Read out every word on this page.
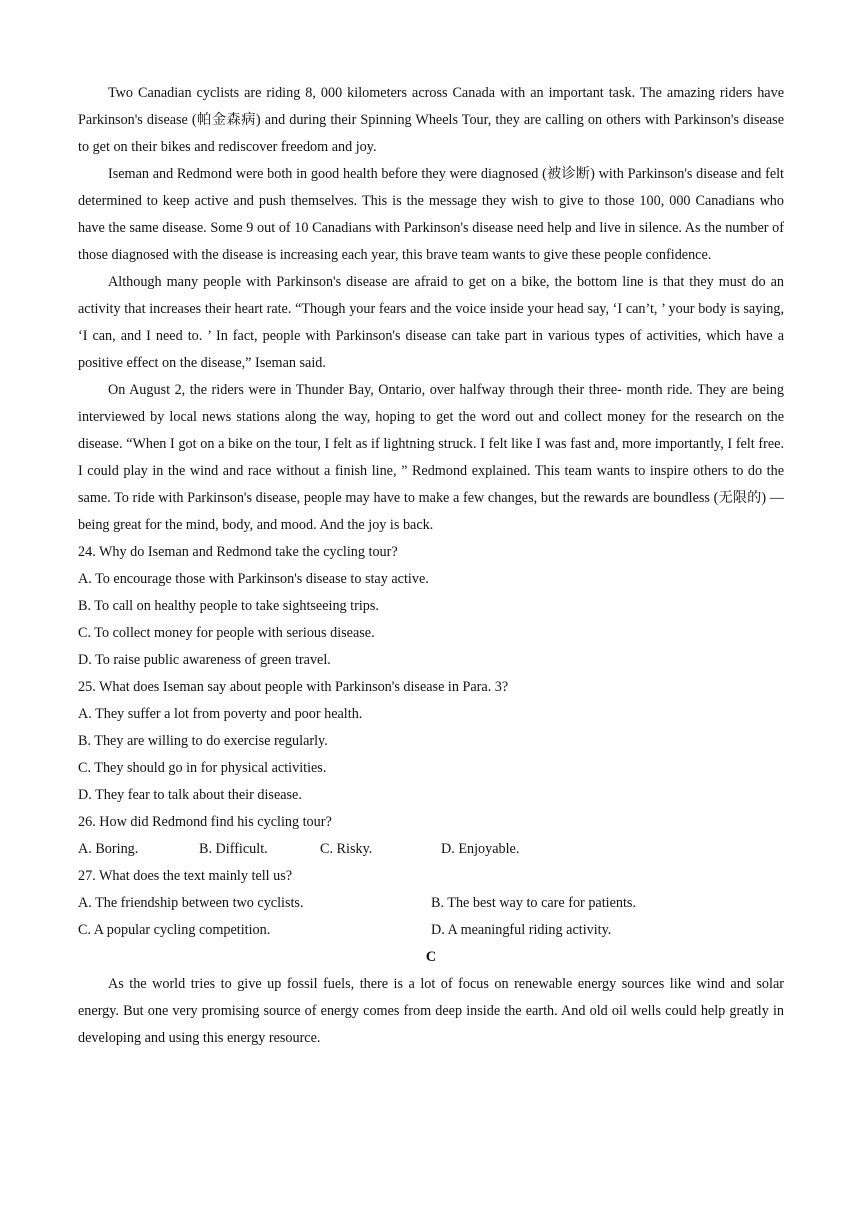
Two Canadian cyclists are riding 8, 000 kilometers across Canada with an important task. The amazing riders have Parkinson's disease (帕金森病) and during their Spinning Wheels Tour, they are calling on others with Parkinson's disease to get on their bikes and rediscover freedom and joy.

Iseman and Redmond were both in good health before they were diagnosed (被诊断) with Parkinson's disease and felt determined to keep active and push themselves. This is the message they wish to give to those 100, 000 Canadians who have the same disease. Some 9 out of 10 Canadians with Parkinson's disease need help and live in silence. As the number of those diagnosed with the disease is increasing each year, this brave team wants to give these people confidence.

Although many people with Parkinson's disease are afraid to get on a bike, the bottom line is that they must do an activity that increases their heart rate. “Though your fears and the voice inside your head say, ‘I can’t, ’ your body is saying, ‘I can, and I need to. ’ In fact, people with Parkinson's disease can take part in various types of activities, which have a positive effect on the disease,” Iseman said.

On August 2, the riders were in Thunder Bay, Ontario, over halfway through their three- month ride. They are being interviewed by local news stations along the way, hoping to get the word out and collect money for the research on the disease. “When I got on a bike on the tour, I felt as if lightning struck. I felt like I was fast and, more importantly, I felt free. I could play in the wind and race without a finish line, ” Redmond explained. This team wants to inspire others to do the same. To ride with Parkinson's disease, people may have to make a few changes, but the rewards are boundless (无限的) — being great for the mind, body, and mood. And the joy is back.

24. Why do Iseman and Redmond take the cycling tour?

A. To encourage those with Parkinson's disease to stay active.

B. To call on healthy people to take sightseeing trips.

C. To collect money for people with serious disease.

D. To raise public awareness of green travel.

25. What does Iseman say about people with Parkinson's disease in Para. 3?

A. They suffer a lot from poverty and poor health.

B. They are willing to do exercise regularly.

C. They should go in for physical activities.

D. They fear to talk about their disease.

26. How did Redmond find his cycling tour?

A. Boring.	B. Difficult.	C. Risky.	D. Enjoyable.

27. What does the text mainly tell us?

A. The friendship between two cyclists.	B. The best way to care for patients.
C. A popular cycling competition.	D. A meaningful riding activity.

C

As the world tries to give up fossil fuels, there is a lot of focus on renewable energy sources like wind and solar energy. But one very promising source of energy comes from deep inside the earth. And old oil wells could help greatly in developing and using this energy resource.
